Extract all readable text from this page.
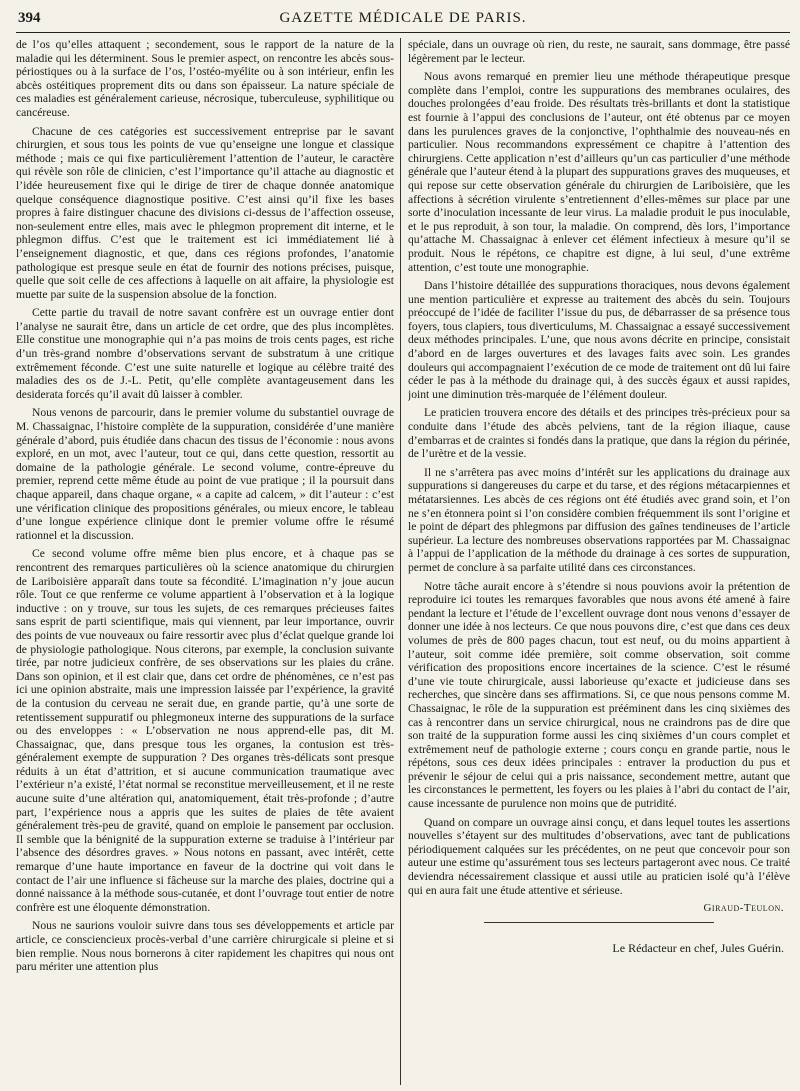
394	GAZETTE MÉDICALE DE PARIS.

de l’os qu’elles attaquent ; secondement, sous le rapport de la nature de la maladie qui les déterminent. Sous le premier aspect, on rencontre les abcès sous-périostiques ou à la surface de l’os, l’ostéo-myélite ou à son intérieur, enfin les abcès ostéitiques proprement dits ou dans son épaisseur. La nature spéciale de ces maladies est généralement carieuse, nécrosique, tuberculeuse, syphilitique ou cancéreuse.

Chacune de ces catégories est successivement entreprise par le savant chirurgien, et sous tous les points de vue qu’enseigne une longue et classique méthode ; mais ce qui fixe particulièrement l’attention de l’auteur, le caractère qui révèle son rôle de clinicien, c’est l’importance qu’il attache au diagnostic et l’idée heureusement fixe qui le dirige de tirer de chaque donnée anatomique quelque conséquence diagnostique positive. C’est ainsi qu’il fixe les bases propres à faire distinguer chacune des divisions ci-dessus de l’affection osseuse, non-seulement entre elles, mais avec le phlegmon proprement dit interne, et le phlegmon diffus. C’est que le traitement est ici immédiatement lié à l’enseignement diagnostic, et que, dans ces régions profondes, l’anatomie pathologique est presque seule en état de fournir des notions précises, puisque, quelle que soit celle de ces affections à laquelle on ait affaire, la physiologie est muette par suite de la suspension absolue de la fonction.

Cette partie du travail de notre savant confrère est un ouvrage entier dont l’analyse ne saurait être, dans un article de cet ordre, que des plus incomplètes. Elle constitue une monographie qui n’a pas moins de trois cents pages, est riche d’un très-grand nombre d’observations servant de substratum à une critique extrêmement féconde. C’est une suite naturelle et logique au célèbre traité des maladies des os de J.-L. Petit, qu’elle complète avantageusement dans les desiderata forcés qu’il avait dû laisser à combler.

Nous venons de parcourir, dans le premier volume du substantiel ouvrage de M. Chassaignac, l’histoire complète de la suppuration, considérée d’une manière générale d’abord, puis étudiée dans chacun des tissus de l’économie : nous avons exploré, en un mot, avec l’auteur, tout ce qui, dans cette question, ressortit au domaine de la pathologie générale. Le second volume, contre-épreuve du premier, reprend cette même étude au point de vue pratique ; il la poursuit dans chaque appareil, dans chaque organe, « a capite ad calcem, » dit l’auteur : c’est une vérification clinique des propositions générales, ou mieux encore, le tableau d’une longue expérience clinique dont le premier volume offre le résumé rationnel et la discussion.

Ce second volume offre même bien plus encore, et à chaque pas se rencontrent des remarques particulières où la science anatomique du chirurgien de Lariboisière apparaît dans toute sa fécondité. L’imagination n’y joue aucun rôle. Tout ce que renferme ce volume appartient à l’observation et à la logique inductive : on y trouve, sur tous les sujets, de ces remarques précieuses faites sans esprit de parti scientifique, mais qui viennent, par leur importance, ouvrir des points de vue nouveaux ou faire ressortir avec plus d’éclat quelque grande loi de physiologie pathologique. Nous citerons, par exemple, la conclusion suivante tirée, par notre judicieux confrère, de ses observations sur les plaies du crâne. Dans son opinion, et il est clair que, dans cet ordre de phénomènes, ce n’est pas ici une opinion abstraite, mais une impression laissée par l’expérience, la gravité de la contusion du cerveau ne serait due, en grande partie, qu’à une sorte de retentissement suppuratif ou phlegmoneux interne des suppurations de la surface ou des enveloppes : « L’observation ne nous apprend-elle pas, dit M. Chassaignac, que, dans presque tous les organes, la contusion est très-généralement exempte de suppuration ? Des organes très-délicats sont presque réduits à un état d’attrition, et si aucune communication traumatique avec l’extérieur n’a existé, l’état normal se reconstitue merveilleusement, et il ne reste aucune suite d’une altération qui, anatomiquement, était très-profonde ; d’autre part, l’expérience nous a appris que les suites de plaies de tête avaient généralement très-peu de gravité, quand on emploie le pansement par occlusion. Il semble que la bénignité de la suppuration externe se traduise à l’intérieur par l’absence des désordres graves. » Nous notons en passant, avec intérêt, cette remarque d’une haute importance en faveur de la doctrine qui voit dans le contact de l’air une influence si fâcheuse sur la marche des plaies, doctrine qui a donné naissance à la méthode sous-cutanée, et dont l’ouvrage tout entier de notre confrère est une éloquente démonstration.

Nous ne saurions vouloir suivre dans tous ses développements et article par article, ce consciencieux procès-verbal d’une carrière chirurgicale si pleine et si bien remplie. Nous nous bornerons à citer rapidement les chapitres qui nous ont paru mériter une attention plus

spéciale, dans un ouvrage où rien, du reste, ne saurait, sans dommage, être passé légèrement par le lecteur.

Nous avons remarqué en premier lieu une méthode thérapeutique presque complète dans l’emploi, contre les suppurations des membranes oculaires, des douches prolongées d’eau froide. Des résultats très-brillants et dont la statistique est fournie à l’appui des conclusions de l’auteur, ont été obtenus par ce moyen dans les purulences graves de la conjonctive, l’ophthalmie des nouveau-nés en particulier. Nous recommandons expressément ce chapitre à l’attention des chirurgiens. Cette application n’est d’ailleurs qu’un cas particulier d’une méthode générale que l’auteur étend à la plupart des suppurations graves des muqueuses, et qui repose sur cette observation générale du chirurgien de Lariboisière, que les affections à sécrétion virulente s’entretiennent d’elles-mêmes sur place par une sorte d’inoculation incessante de leur virus. La maladie produit le pus inoculable, et le pus reproduit, à son tour, la maladie. On comprend, dès lors, l’importance qu’attache M. Chassaignac à enlever cet élément infectieux à mesure qu’il se produit. Nous le répétons, ce chapitre est digne, à lui seul, d’une extrême attention, c’est toute une monographie.

Dans l’histoire détaillée des suppurations thoraciques, nous devons également une mention particulière et expresse au traitement des abcès du sein. Toujours préoccupé de l’idée de faciliter l’issue du pus, de débarrasser de sa présence tous foyers, tous clapiers, tous diverticulums, M. Chassaignac a essayé successivement deux méthodes principales. L’une, que nous avons décrite en principe, consistait d’abord en de larges ouvertures et des lavages faits avec soin. Les grandes douleurs qui accompagnaient l’exécution de ce mode de traitement ont dû lui faire céder le pas à la méthode du drainage qui, à des succès égaux et aussi rapides, joint une diminution très-marquée de l’élément douleur.

Le praticien trouvera encore des détails et des principes très-précieux pour sa conduite dans l’étude des abcès pelviens, tant de la région iliaque, cause d’embarras et de craintes si fondés dans la pratique, que dans la région du périnée, de l’urètre et de la vessie.

Il ne s’arrêtera pas avec moins d’intérêt sur les applications du drainage aux suppurations si dangereuses du carpe et du tarse, et des régions métacarpiennes et métatarsiennes. Les abcès de ces régions ont été étudiés avec grand soin, et l’on ne s’en étonnera point si l’on considère combien fréquemment ils sont l’origine et le point de départ des phlegmons par diffusion des gaînes tendineuses de l’article supérieur. La lecture des nombreuses observations rapportées par M. Chassaignac à l’appui de l’application de la méthode du drainage à ces sortes de suppuration, permet de conclure à sa parfaite utilité dans ces circonstances.

Notre tâche aurait encore à s’étendre si nous pouvions avoir la prétention de reproduire ici toutes les remarques favorables que nous avons été amené à faire pendant la lecture et l’étude de l’excellent ouvrage dont nous venons d’essayer de donner une idée à nos lecteurs. Ce que nous pouvons dire, c’est que dans ces deux volumes de près de 800 pages chacun, tout est neuf, ou du moins appartient à l’auteur, soit comme idée première, soit comme observation, soit comme vérification des propositions encore incertaines de la science. C’est le résumé d’une vie toute chirurgicale, aussi laborieuse qu’exacte et judicieuse dans ses recherches, que sincère dans ses affirmations. Si, ce que nous pensons comme M. Chassaignac, le rôle de la suppuration est prééminent dans les cinq sixièmes des cas à rencontrer dans un service chirurgical, nous ne craindrons pas de dire que son traité de la suppuration forme aussi les cinq sixièmes d’un cours complet et extrêmement neuf de pathologie externe ; cours conçu en grande partie, nous le répétons, sous ces deux idées principales : entraver la production du pus et prévenir le séjour de celui qui a pris naissance, secondement mettre, autant que les circonstances le permettent, les foyers ou les plaies à l’abri du contact de l’air, cause incessante de purulence non moins que de putridité.

Quand on compare un ouvrage ainsi conçu, et dans lequel toutes les assertions nouvelles s’étayent sur des multitudes d’observations, avec tant de publications périodiquement calquées sur les précédentes, on ne peut que concevoir pour son auteur une estime qu’assurément tous ses lecteurs partageront avec nous. Ce traité deviendra nécessairement classique et aussi utile au praticien isolé qu’à l’élève qui en aura fait une étude attentive et sérieuse.

Giraud-Teulon.
Le Rédacteur en chef, Jules Guérin.
